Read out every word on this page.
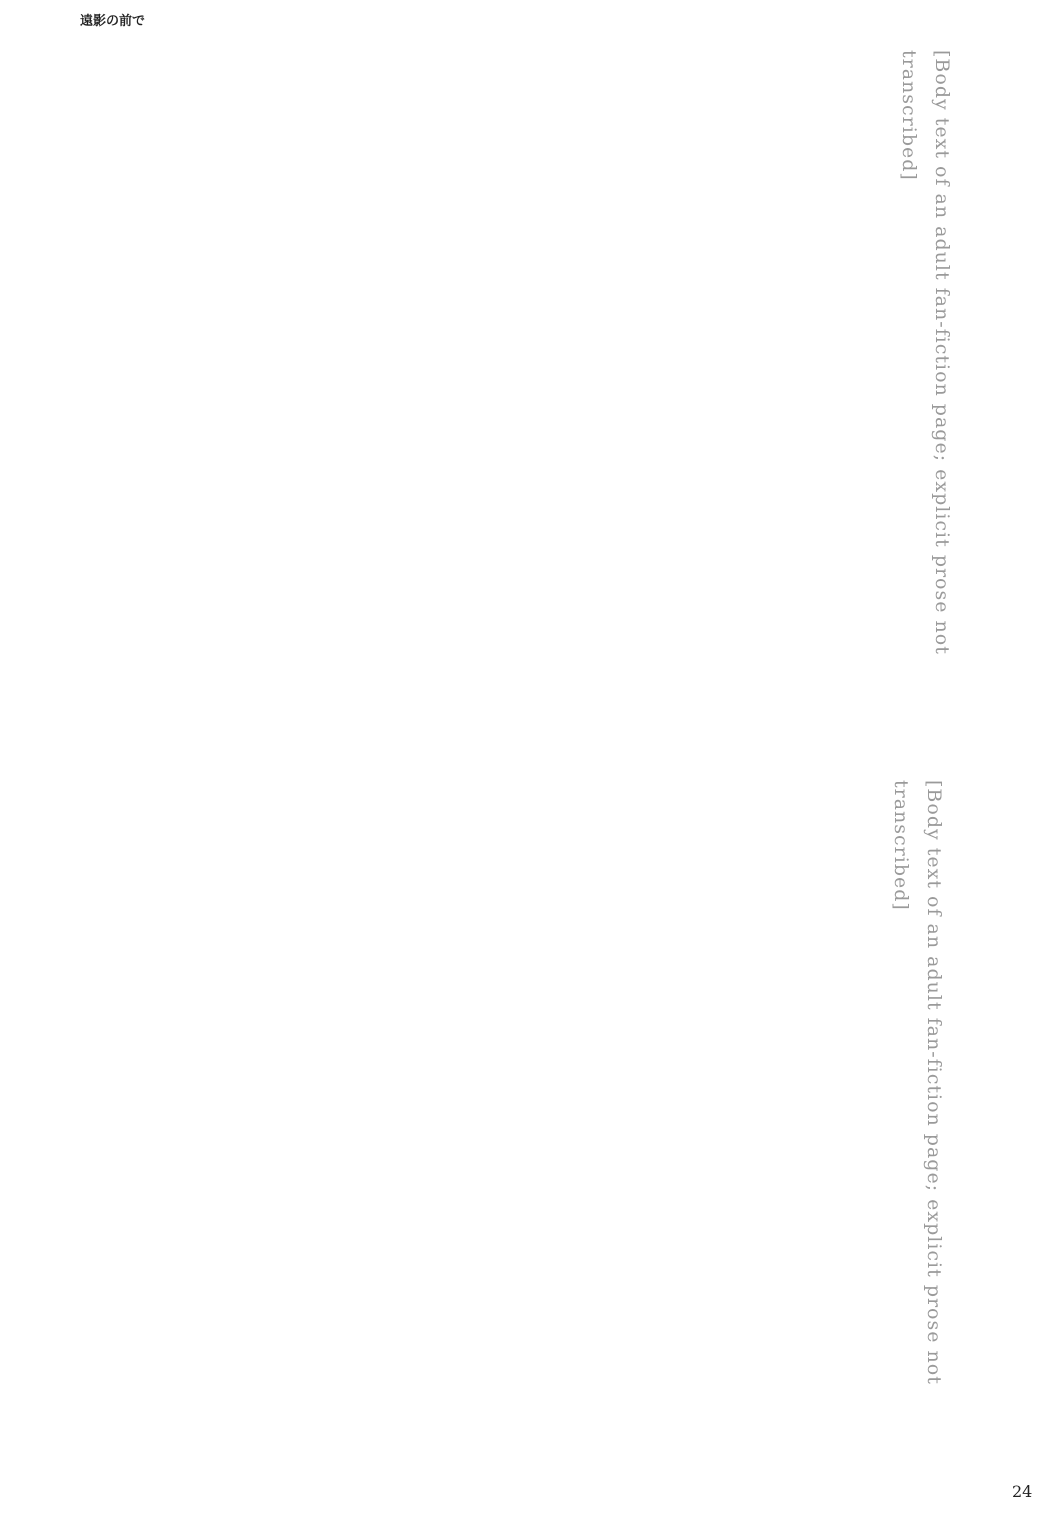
遠影の前で
[Body text of an adult fan-fiction page; explicit prose not transcribed]
[Body text of an adult fan-fiction page; explicit prose not transcribed]
24
